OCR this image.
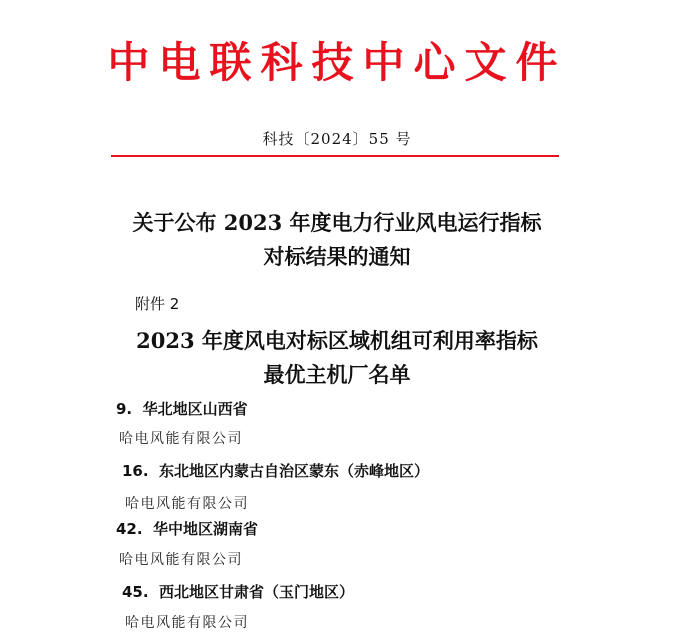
中电联科技中心文件
科技〔2024〕55 号
关于公布 2023 年度电力行业风电运行指标
对标结果的通知
附件 2
2023 年度风电对标区域机组可利用率指标
最优主机厂名单
9. 华北地区山西省
哈电风能有限公司
16. 东北地区内蒙古自治区蒙东（赤峰地区）
哈电风能有限公司
42. 华中地区湖南省
哈电风能有限公司
45. 西北地区甘肃省（玉门地区）
哈电风能有限公司
